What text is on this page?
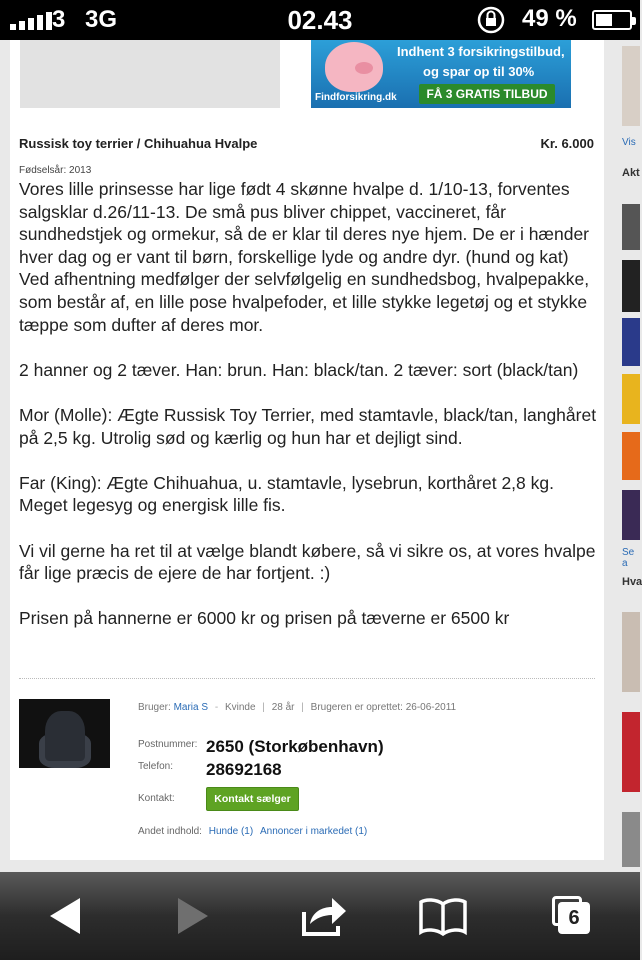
3 3G	02.43	49 %
Indhent 3 forsikringstilbud,
og spar op til 30%
Findforsikring.dk	FÅ 3 GRATIS TILBUD
Russisk toy terrier / Chihuahua Hvalpe	Kr. 6.000
Fødselsår: 2013

Vores lille prinsesse har lige født 4 skønne hvalpe d. 1/10-13, forventes salgsklar d.26/11-13. De små pus bliver chippet, vaccineret, får sundhedstjek og ormekur, så de er klar til deres nye hjem. De er i hænder hver dag og er vant til børn, forskellige lyde og andre dyr. (hund og kat) Ved afhentning medfølger der selvfølgelig en sundhedsbog, hvalpepakke, som består af, en lille pose hvalpefoder, et lille stykke legetøj og et stykke tæppe som dufter af deres mor.

2 hanner og 2 tæver. Han: brun. Han: black/tan. 2 tæver: sort (black/tan)

Mor (Molle): Ægte Russisk Toy Terrier, med stamtavle, black/tan, langhåret på 2,5 kg. Utrolig sød og kærlig og hun har et dejligt sind.

Far (King): Ægte Chihuahua, u. stamtavle, lysebrun, korthåret 2,8 kg. Meget legesyg og energisk lille fis.

Vi vil gerne ha ret til at vælge blandt købere, så vi sikre os, at vores hvalpe får lige præcis de ejere de har fortjent. :)

Prisen på hannerne er 6000 kr og prisen på tæverne er 6500 kr

Bruger: Maria S - Kvinde | 28 år | Brugeren er oprettet: 26-06-2011
Postnummer: 2650 (Storkøbenhavn)
Telefon: 28692168
Kontakt:	Kontakt sælger
Andet indhold: Hunde (1) Annoncer i markedet (1)
Vis
Akt
Se a
Hva
6
